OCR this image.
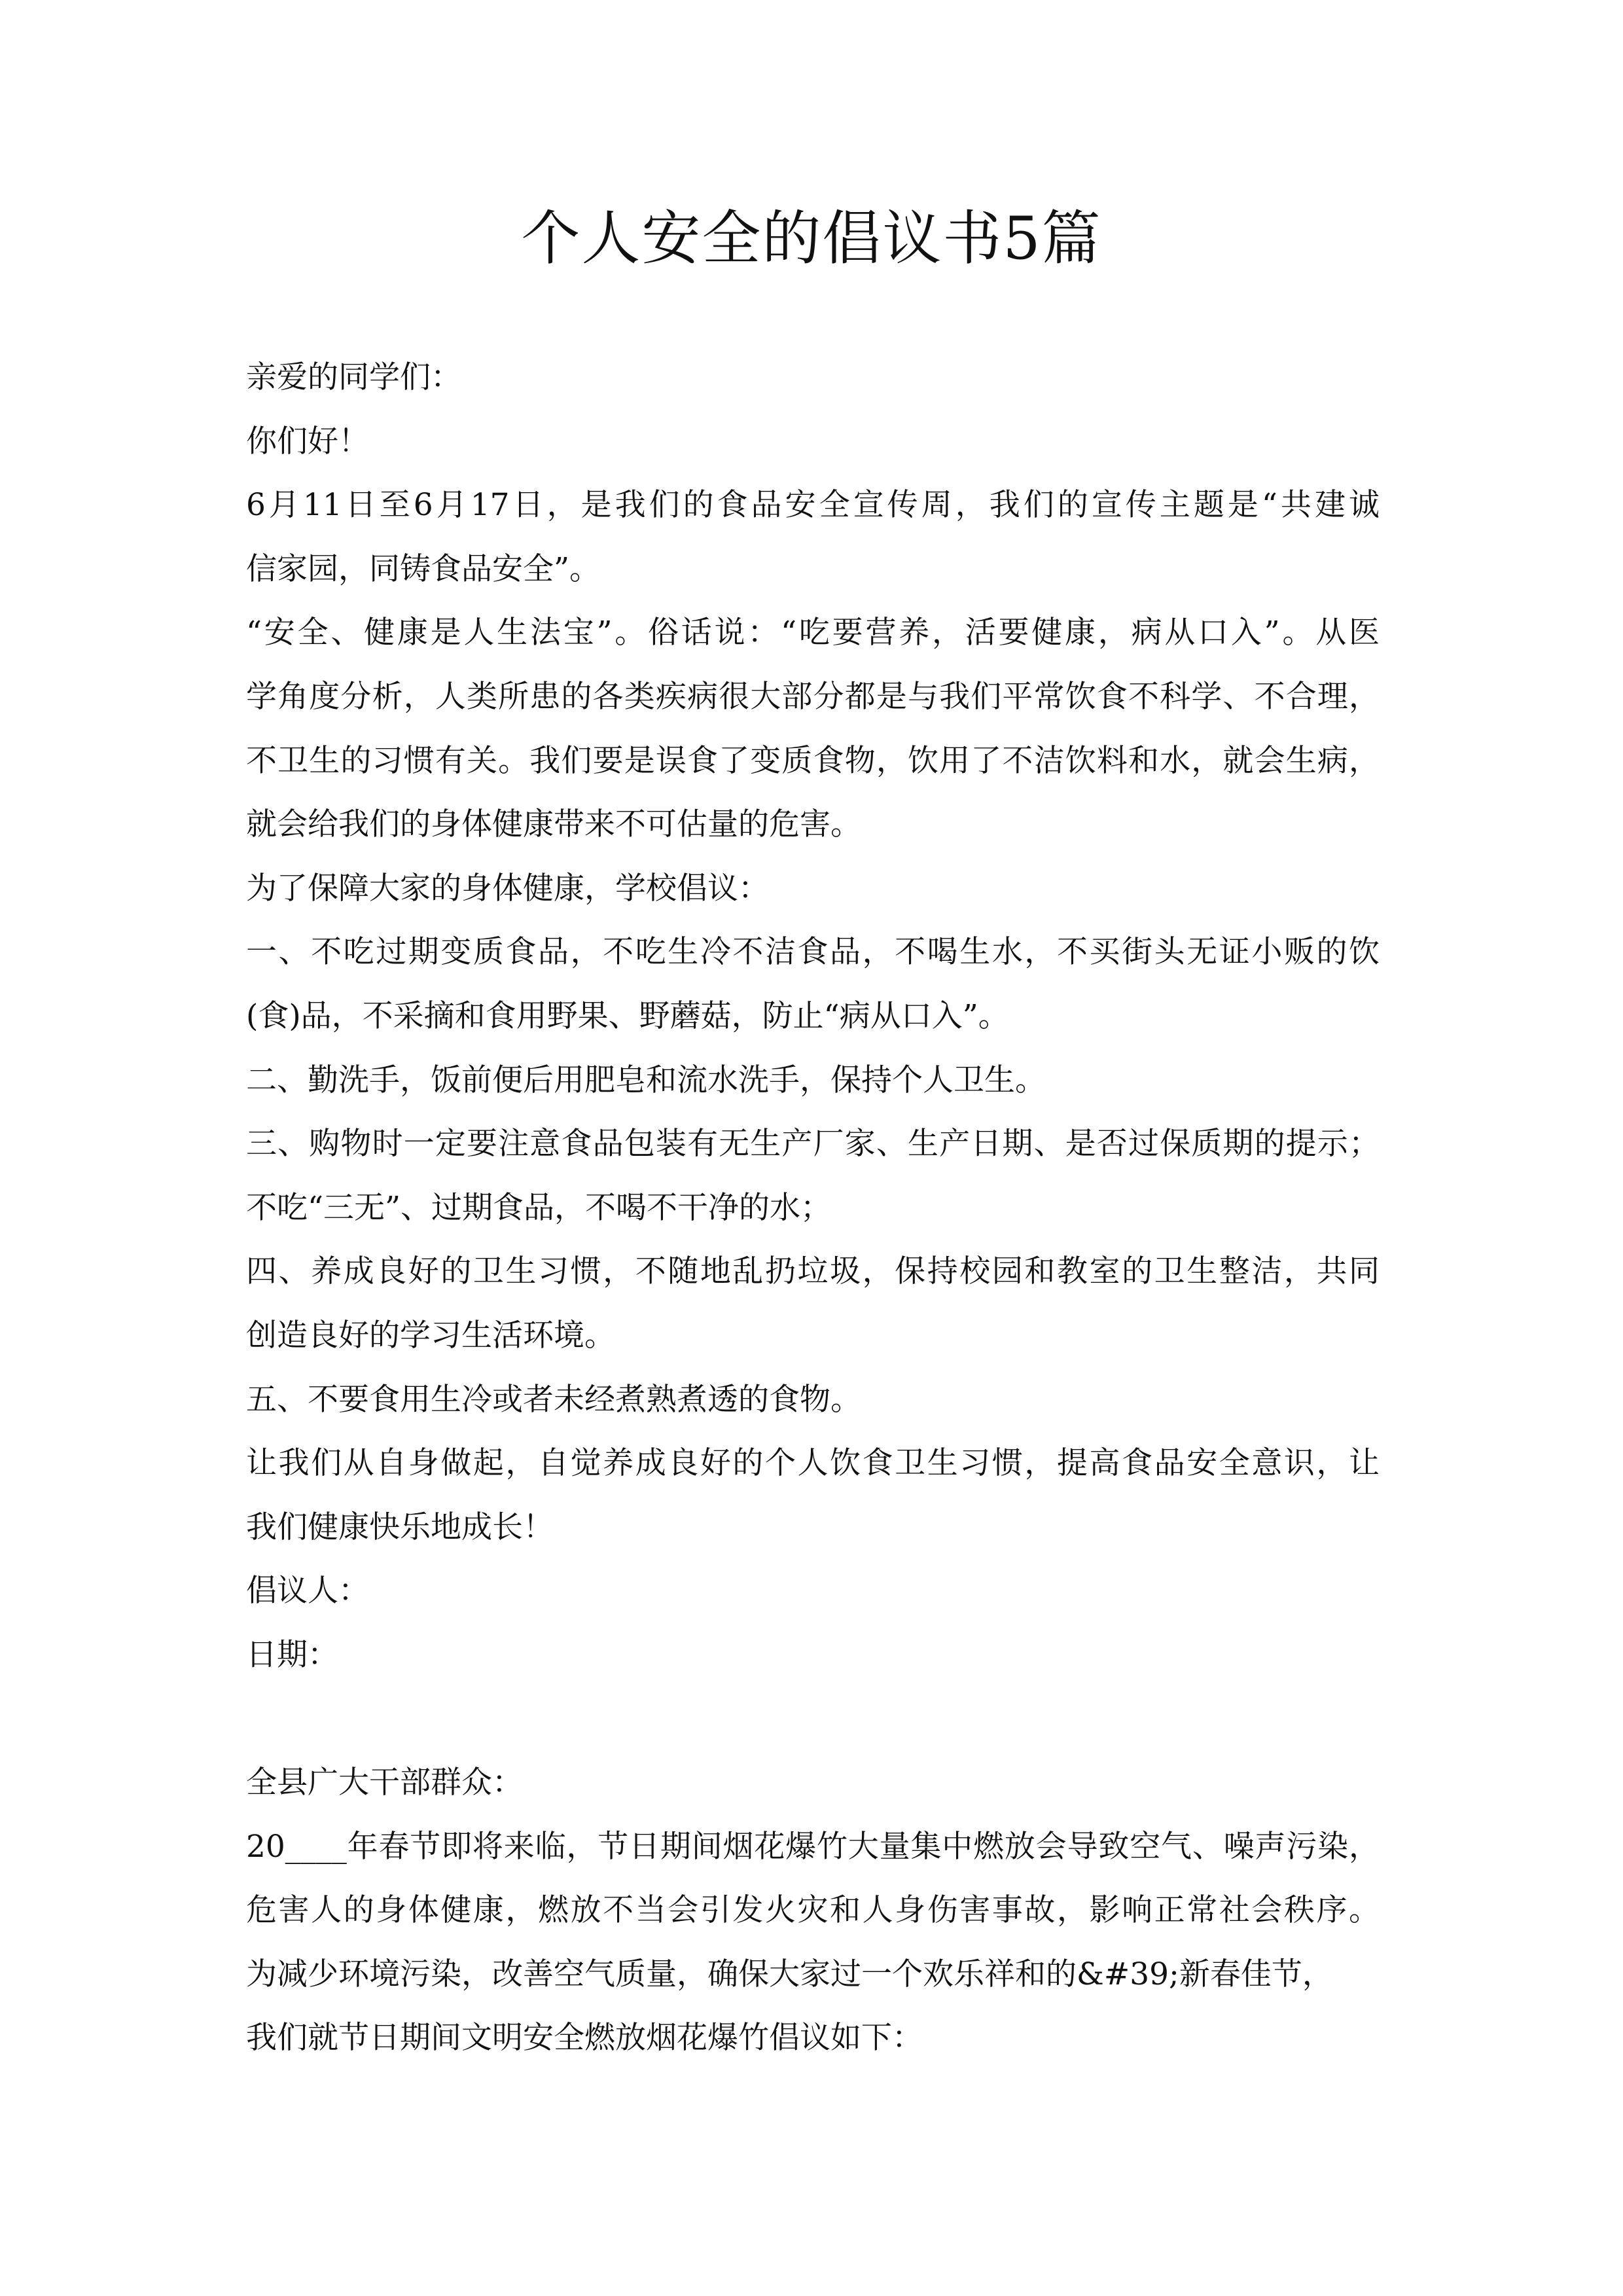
个人安全的倡议书5篇
亲爱的同学们：
你们好！
6月11日至6月17日，是我们的食品安全宣传周，我们的宣传主题是“共建诚
信家园，同铸食品安全”。
“安全、健康是人生法宝”。俗话说：“吃要营养，活要健康，病从口入”。从医
学角度分析，人类所患的各类疾病很大部分都是与我们平常饮食不科学、不合理，
不卫生的习惯有关。我们要是误食了变质食物，饮用了不洁饮料和水，就会生病，
就会给我们的身体健康带来不可估量的危害。
为了保障大家的身体健康，学校倡议：
一、不吃过期变质食品，不吃生冷不洁食品，不喝生水，不买街头无证小贩的饮
(食)品，不采摘和食用野果、野蘑菇，防止“病从口入”。
二、勤洗手，饭前便后用肥皂和流水洗手，保持个人卫生。
三、购物时一定要注意食品包装有无生产厂家、生产日期、是否过保质期的提示；
不吃“三无”、过期食品，不喝不干净的水；
四、养成良好的卫生习惯，不随地乱扔垃圾，保持校园和教室的卫生整洁，共同
创造良好的学习生活环境。
五、不要食用生冷或者未经煮熟煮透的食物。
让我们从自身做起，自觉养成良好的个人饮食卫生习惯，提高食品安全意识，让
我们健康快乐地成长！
倡议人：
日期：
全县广大干部群众：
20____年春节即将来临，节日期间烟花爆竹大量集中燃放会导致空气、噪声污染，
危害人的身体健康，燃放不当会引发火灾和人身伤害事故，影响正常社会秩序。
为减少环境污染，改善空气质量，确保大家过一个欢乐祥和的&#39;新春佳节，
我们就节日期间文明安全燃放烟花爆竹倡议如下：
